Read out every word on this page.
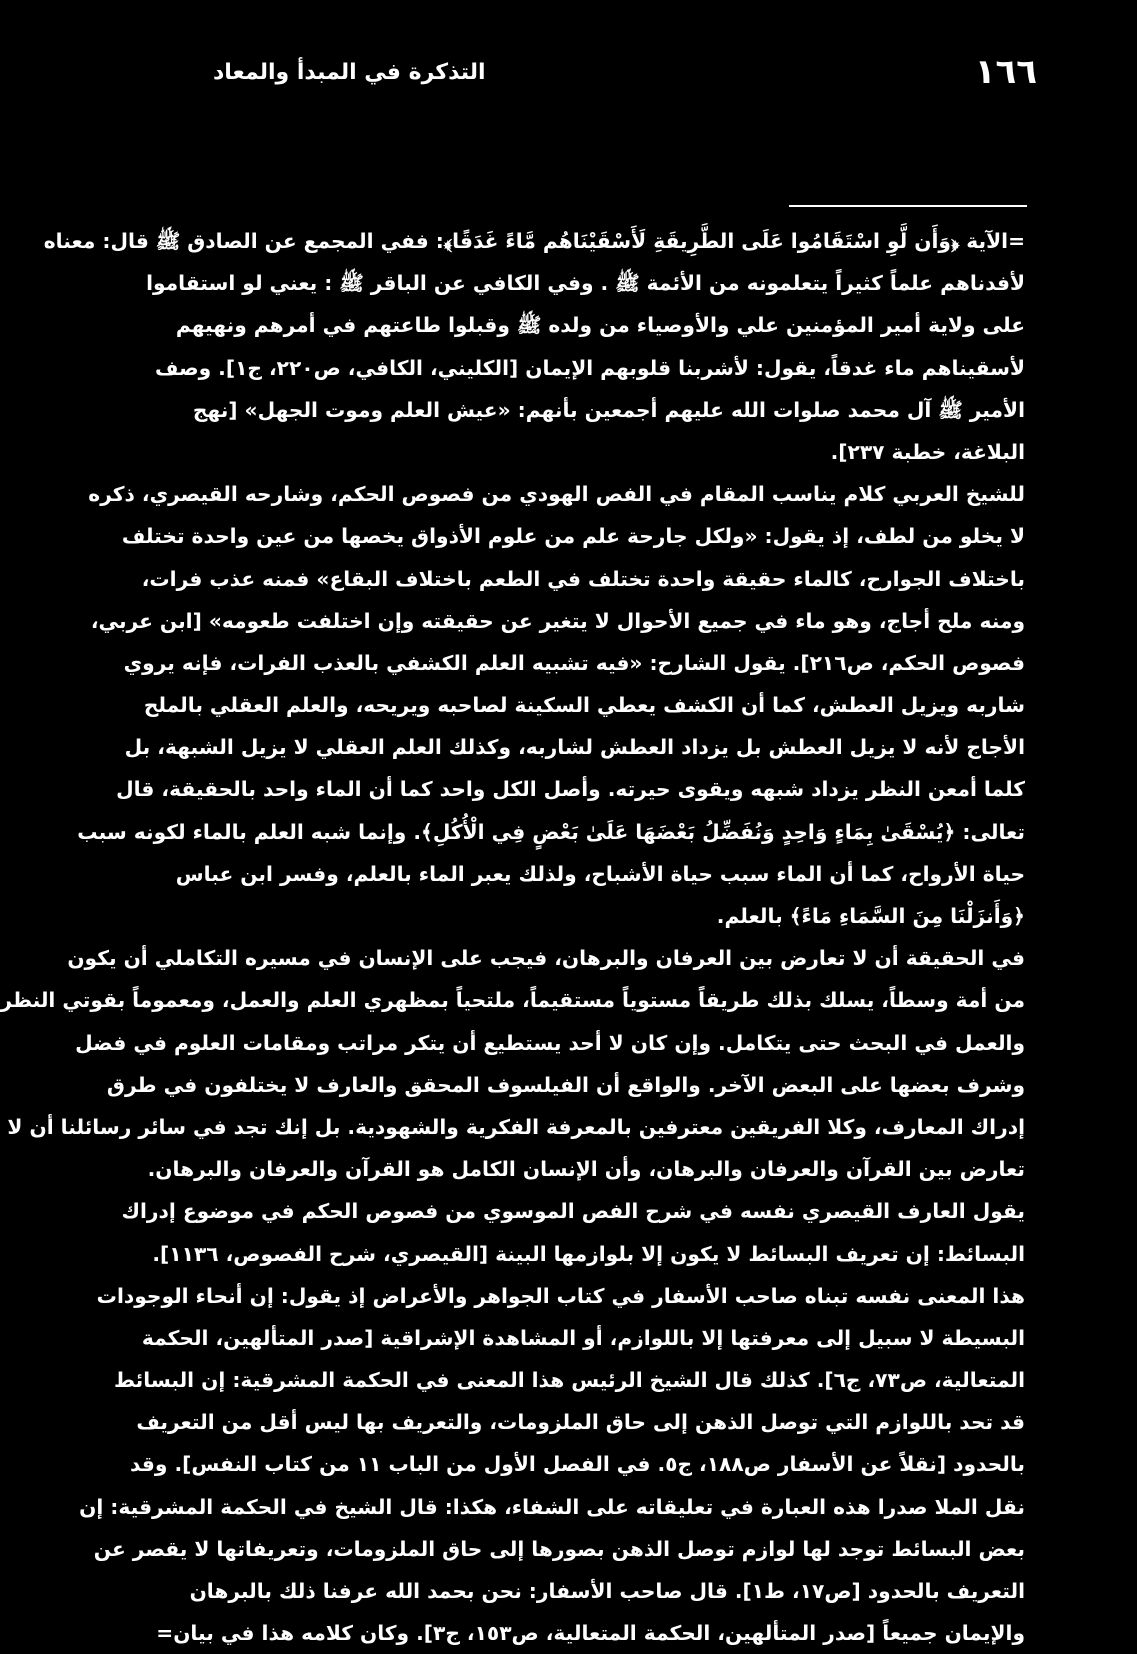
١٦٦
التذكرة في المبدأ والمعاد
=الآية ﴿وَأَن لَّوِ اسْتَقَامُوا عَلَى الطَّرِيقَةِ لَأَسْقَيْنَاهُم مَّاءً غَدَقًا﴾: ففي المجمع عن الصادق ﷺ قال: معناه
لأفدناهم علماً كثيراً يتعلمونه من الأئمة ﷺ . وفي الكافي عن الباقر ﷺ : يعني لو استقاموا
على ولاية أمير المؤمنين علي والأوصياء من ولده ﷺ وقبلوا طاعتهم في أمرهم ونهيهم
لأسقيناهم ماء غدقاً، يقول: لأشربنا قلوبهم الإيمان [الكليني، الكافي، ص٢٢٠، ج١]. وصف
الأمير ﷺ آل محمد صلوات الله عليهم أجمعين بأنهم: «عيش العلم وموت الجهل» [نهج
البلاغة، خطبة ٢٣٧].
للشيخ العربي كلام يناسب المقام في الفص الهودي من فصوص الحكم، وشارحه القيصري، ذكره
لا يخلو من لطف، إذ يقول: «ولكل جارحة علم من علوم الأذواق يخصها من عين واحدة تختلف
باختلاف الجوارح، كالماء حقيقة واحدة تختلف في الطعم باختلاف البقاع» فمنه عذب فرات،
ومنه ملح أجاج، وهو ماء في جميع الأحوال لا يتغير عن حقيقته وإن اختلفت طعومه» [ابن عربي،
فصوص الحكم، ص٢١٦]. يقول الشارح: «فيه تشبيه العلم الكشفي بالعذب الفرات، فإنه يروي
شاربه ويزيل العطش، كما أن الكشف يعطي السكينة لصاحبه ويريحه، والعلم العقلي بالملح
الأجاج لأنه لا يزيل العطش بل يزداد العطش لشاربه، وكذلك العلم العقلي لا يزيل الشبهة، بل
كلما أمعن النظر يزداد شبهه ويقوى حيرته. وأصل الكل واحد كما أن الماء واحد بالحقيقة، قال
تعالى: ﴿يُسْقَىٰ بِمَاءٍ وَاحِدٍ وَنُفَضِّلُ بَعْضَهَا عَلَىٰ بَعْضٍ فِي الْأُكُلِ﴾. وإنما شبه العلم بالماء لكونه سبب
حياة الأرواح، كما أن الماء سبب حياة الأشباح، ولذلك يعبر الماء بالعلم، وفسر ابن عباس
﴿وَأَنزَلْنَا مِنَ السَّمَاءِ مَاءً﴾ بالعلم.
في الحقيقة أن لا تعارض بين العرفان والبرهان، فيجب على الإنسان في مسيره التكاملي أن يكون
من أمة وسطاً، يسلك بذلك طريقاً مستوياً مستقيماً، ملتحياً بمظهري العلم والعمل، ومعموماً بقوتي النظر
والعمل في البحث حتى يتكامل. وإن كان لا أحد يستطيع أن يتكر مراتب ومقامات العلوم في فضل
وشرف بعضها على البعض الآخر. والواقع أن الفيلسوف المحقق والعارف لا يختلفون في طرق
إدراك المعارف، وكلا الفريقين معترفين بالمعرفة الفكرية والشهودية. بل إنك تجد في سائر رسائلنا أن لا
تعارض بين القرآن والعرفان والبرهان، وأن الإنسان الكامل هو القرآن والعرفان والبرهان.
يقول العارف القيصري نفسه في شرح الفص الموسوي من فصوص الحكم في موضوع إدراك
البسائط: إن تعريف البسائط لا يكون إلا بلوازمها البينة [القيصري، شرح الفصوص، ١١٣٦].
هذا المعنى نفسه تبناه صاحب الأسفار في كتاب الجواهر والأعراض إذ يقول: إن أنحاء الوجودات
البسيطة لا سبيل إلى معرفتها إلا باللوازم، أو المشاهدة الإشراقية [صدر المتألهين، الحكمة
المتعالية، ص٧٣، ج٦]. كذلك قال الشيخ الرئيس هذا المعنى في الحكمة المشرقية: إن البسائط
قد تحد باللوازم التي توصل الذهن إلى حاق الملزومات، والتعريف بها ليس أقل من التعريف
بالحدود [نقلاً عن الأسفار ص١٨٨، ج٥. في الفصل الأول من الباب ١١ من كتاب النفس]. وقد
نقل الملا صدرا هذه العبارة في تعليقاته على الشفاء، هكذا: قال الشيخ في الحكمة المشرقية: إن
بعض البسائط توجد لها لوازم توصل الذهن بصورها إلى حاق الملزومات، وتعريفاتها لا يقصر عن
التعريف بالحدود [ص١٧، ط١]. قال صاحب الأسفار: نحن بحمد الله عرفنا ذلك بالبرهان
والإيمان جميعاً [صدر المتألهين، الحكمة المتعالية، ص١٥٣، ج٣]. وكان كلامه هذا في بيان=
